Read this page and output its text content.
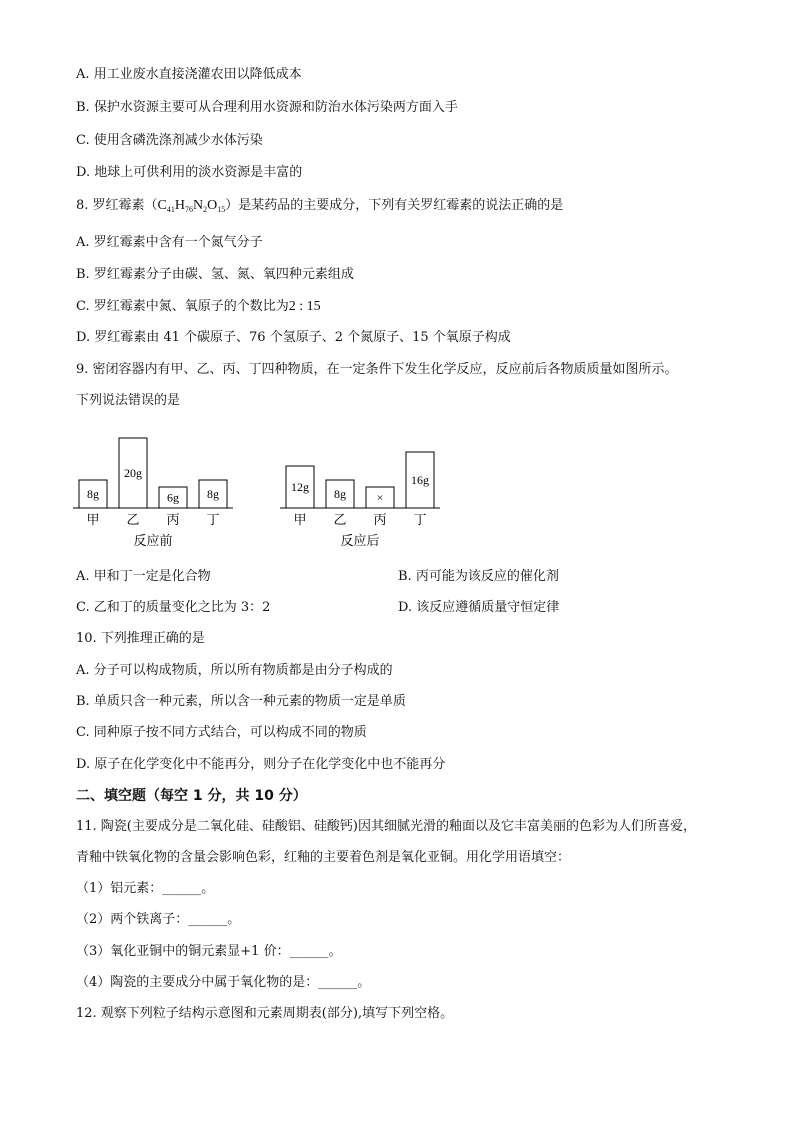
A. 用工业废水直接浇灌农田以降低成本
B. 保护水资源主要可从合理利用水资源和防治水体污染两方面入手
C. 使用含磷洗涤剂减少水体污染
D. 地球上可供利用的淡水资源是丰富的
8. 罗红霉素$(C_{41}H_{76}N_2O_{15})$是某药品的主要成分，下列有关罗红霉素的说法正确的是
A. 罗红霉素中含有一个氮气分子
B. 罗红霉素分子由碳、氢、氮、氧四种元素组成
C. 罗红霉素中氮、氧原子的个数比为2 : 15
D. 罗红霉素由 41 个碳原子、76 个氢原子、2 个氮原子、15 个氧原子构成
9. 密闭容器内有甲、乙、丙、丁四种物质，在一定条件下发生化学反应，反应前后各物质质量如图所示。
下列说法错误的是
8g
甲
20g
乙
6g
丙
8g
丁
反应前
12g
甲
8g
乙
×
丙
16g
丁
反应后
A. 甲和丁一定是化合物	B. 丙可能为该反应的催化剂
C. 乙和丁的质量变化之比为 3：2	D. 该反应遵循质量守恒定律
10. 下列推理正确的是
A. 分子可以构成物质，所以所有物质都是由分子构成的
B. 单质只含一种元素，所以含一种元素的物质一定是单质
C. 同种原子按不同方式结合，可以构成不同的物质
D. 原子在化学变化中不能再分，则分子在化学变化中也不能再分
二、填空题（每空 1 分，共 10 分）
11. 陶瓷(主要成分是二氧化硅、硅酸铝、硅酸钙)因其细腻光滑的釉面以及它丰富美丽的色彩为人们所喜爱，
青釉中铁氧化物的含量会影响色彩，红釉的主要着色剂是氧化亚铜。用化学用语填空：
（1）铝元素：______。
（2）两个铁离子：______。
（3）氧化亚铜中的铜元素显+1 价：______。
（4）陶瓷的主要成分中属于氧化物的是：______。
12. 观察下列粒子结构示意图和元素周期表(部分),填写下列空格。
